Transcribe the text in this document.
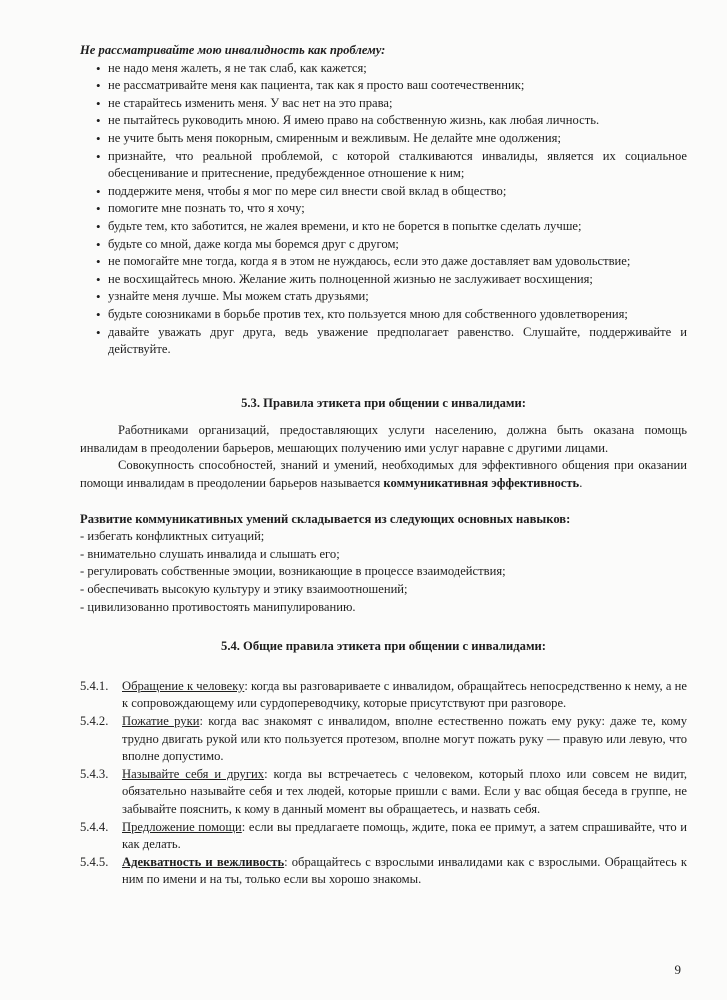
Не рассматривайте мою инвалидность как проблему:

• не надо меня жалеть, я не так слаб, как кажется;
• не рассматривайте меня как пациента, так как я просто ваш соотечественник;
• не старайтесь изменить меня. У вас нет на это права;
• не пытайтесь руководить мною. Я имею право на собственную жизнь, как любая личность.
• не учите быть меня покорным, смиренным и вежливым. Не делайте мне одолжения;
• признайте, что реальной проблемой, с которой сталкиваются инвалиды, является их социальное обесценивание и притеснение, предубежденное отношение к ним;
• поддержите меня, чтобы я мог по мере сил внести свой вклад в общество;
• помогите мне познать то, что я хочу;
• будьте тем, кто заботится, не жалея времени, и кто не борется в попытке сделать лучше;
• будьте со мной, даже когда мы боремся друг с другом;
• не помогайте мне тогда, когда я в этом не нуждаюсь, если это даже доставляет вам удовольствие;
• не восхищайтесь мною. Желание жить полноценной жизнью не заслуживает восхищения;
• узнайте меня лучше. Мы можем стать друзьями;
• будьте союзниками в борьбе против тех, кто пользуется мною для собственного удовлетворения;
• давайте уважать друг друга, ведь уважение предполагает равенство. Слушайте, поддерживайте и действуйте.

5.3. Правила этикета при общении с инвалидами:

Работниками организаций, предоставляющих услуги населению, должна быть оказана помощь инвалидам в преодолении барьеров, мешающих получению ими услуг наравне с другими лицами.

Совокупность способностей, знаний и умений, необходимых для эффективного общения при оказании помощи инвалидам в преодолении барьеров называется коммуникативная эффективность.

Развитие коммуникативных умений складывается из следующих основных навыков:

- избегать конфликтных ситуаций;
- внимательно слушать инвалида и слышать его;
- регулировать собственные эмоции, возникающие в процессе взаимодействия;
- обеспечивать высокую культуру и этику взаимоотношений;
- цивилизованно противостоять манипулированию.

5.4. Общие правила этикета при общении с инвалидами:

5.4.1.	Обращение к человеку: когда вы разговариваете с инвалидом, обращайтесь непосредственно к нему, а не к сопровождающему или сурдопереводчику, которые присутствуют при разговоре.
5.4.2.	Пожатие руки: когда вас знакомят с инвалидом, вполне естественно пожать ему руку: даже те, кому трудно двигать рукой или кто пользуется протезом, вполне могут пожать руку — правую или левую, что вполне допустимо.
5.4.3.	Называйте себя и других: когда вы встречаетесь с человеком, который плохо или совсем не видит, обязательно называйте себя и тех людей, которые пришли с вами. Если у вас общая беседа в группе, не забывайте пояснить, к кому в данный момент вы обращаетесь, и назвать себя.
5.4.4.	Предложение помощи: если вы предлагаете помощь, ждите, пока ее примут, а затем спрашивайте, что и как делать.
5.4.5.	Адекватность и вежливость: обращайтесь с взрослыми инвалидами как с взрослыми. Обращайтесь к ним по имени и на ты, только если вы хорошо знакомы.
9
